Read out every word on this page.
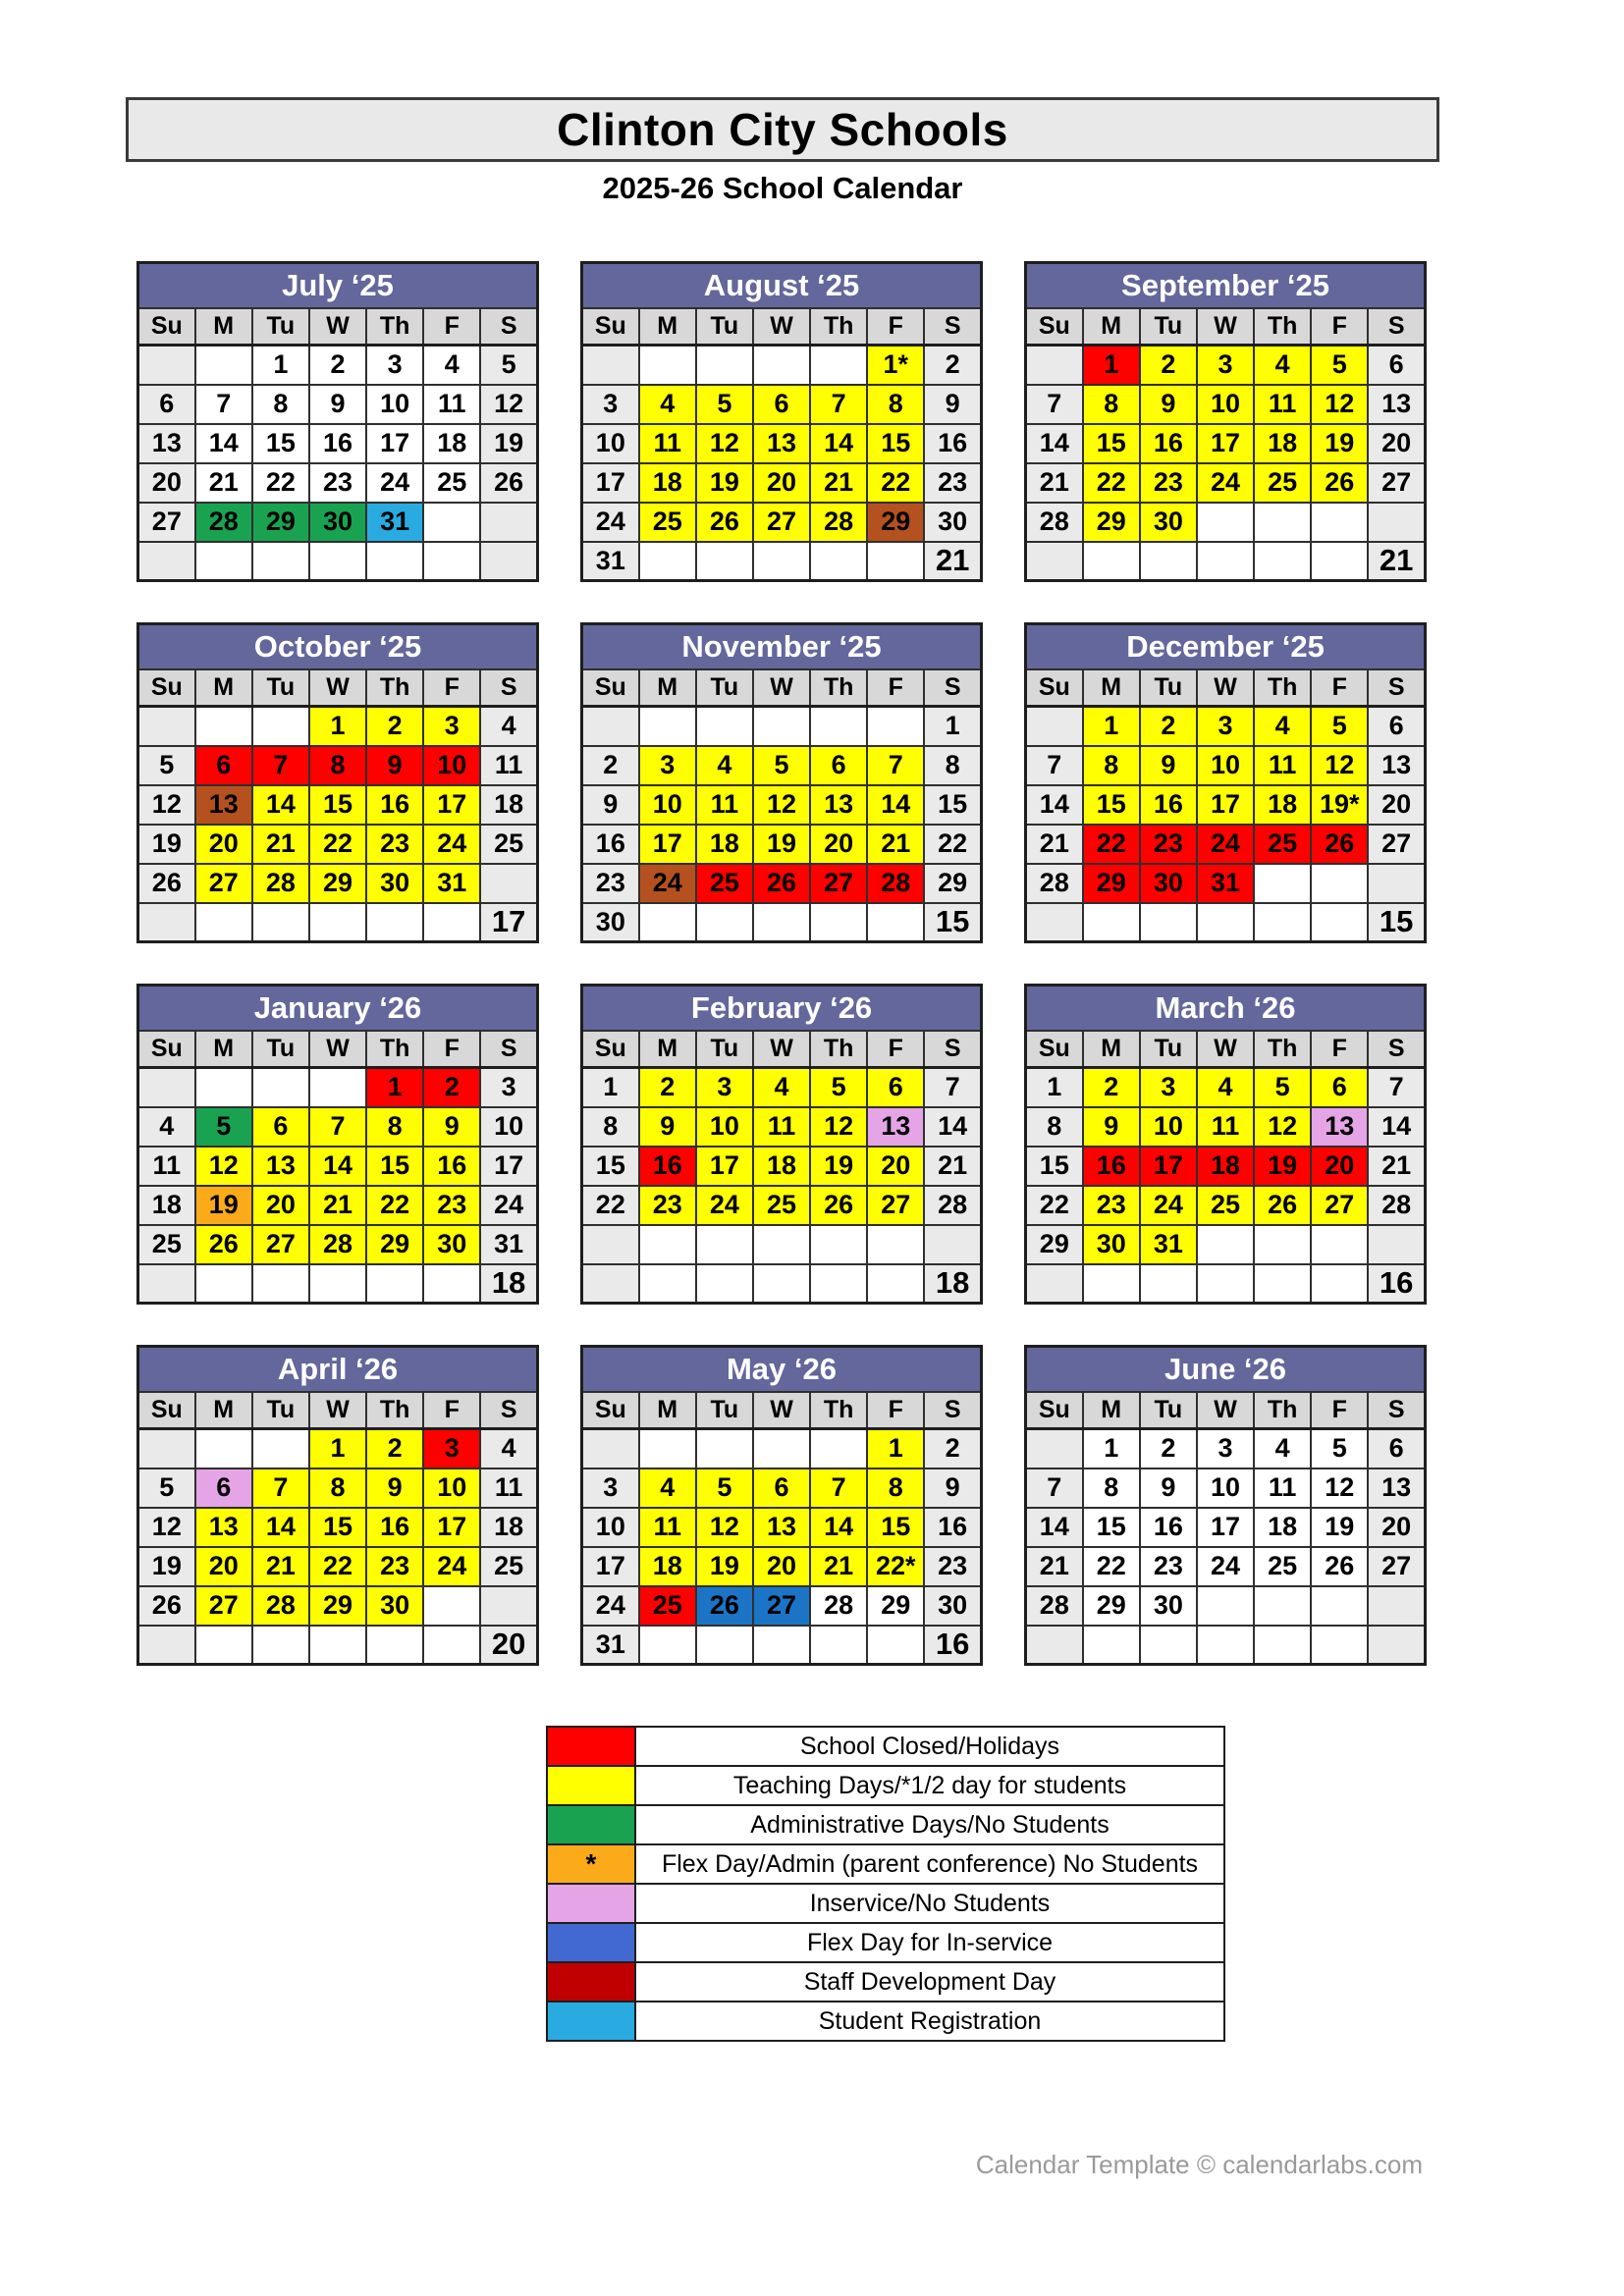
Clinton City Schools
2025-26 School Calendar
July ‘25						
Su	M	Tu	W	Th	F	S
		1	2	3	4	5
6	7	8	9	10	11	12
13	14	15	16	17	18	19
20	21	22	23	24	25	26
27	28	29	30	31		

August ‘25						
Su	M	Tu	W	Th	F	S
					1*	2
3	4	5	6	7	8	9
10	11	12	13	14	15	16
17	18	19	20	21	22	23
24	25	26	27	28	29	30
31						21
September ‘25						
Su	M	Tu	W	Th	F	S
	1	2	3	4	5	6
7	8	9	10	11	12	13
14	15	16	17	18	19	20
21	22	23	24	25	26	27
28	29	30				
						21
October ‘25						
Su	M	Tu	W	Th	F	S
			1	2	3	4
5	6	7	8	9	10	11
12	13	14	15	16	17	18
19	20	21	22	23	24	25
26	27	28	29	30	31	
						17
November ‘25						
Su	M	Tu	W	Th	F	S
						1
2	3	4	5	6	7	8
9	10	11	12	13	14	15
16	17	18	19	20	21	22
23	24	25	26	27	28	29
30						15
December ‘25						
Su	M	Tu	W	Th	F	S
	1	2	3	4	5	6
7	8	9	10	11	12	13
14	15	16	17	18	19*	20
21	22	23	24	25	26	27
28	29	30	31			
						15
January ‘26						
Su	M	Tu	W	Th	F	S
				1	2	3
4	5	6	7	8	9	10
11	12	13	14	15	16	17
18	19	20	21	22	23	24
25	26	27	28	29	30	31
						18
February ‘26						
Su	M	Tu	W	Th	F	S
1	2	3	4	5	6	7
8	9	10	11	12	13	14
15	16	17	18	19	20	21
22	23	24	25	26	27	28

						18
March ‘26						
Su	M	Tu	W	Th	F	S
1	2	3	4	5	6	7
8	9	10	11	12	13	14
15	16	17	18	19	20	21
22	23	24	25	26	27	28
29	30	31				
						16
April ‘26						
Su	M	Tu	W	Th	F	S
			1	2	3	4
5	6	7	8	9	10	11
12	13	14	15	16	17	18
19	20	21	22	23	24	25
26	27	28	29	30		
						20
May ‘26						
Su	M	Tu	W	Th	F	S
					1	2
3	4	5	6	7	8	9
10	11	12	13	14	15	16
17	18	19	20	21	22*	23
24	25	26	27	28	29	30
31						16
June ‘26						
Su	M	Tu	W	Th	F	S
	1	2	3	4	5	6
7	8	9	10	11	12	13
14	15	16	17	18	19	20
21	22	23	24	25	26	27
28	29	30				

	School Closed/Holidays
	Teaching Days/*1/2 day for students
	Administrative Days/No Students
*	Flex Day/Admin (parent conference) No Students
	Inservice/No Students
	Flex Day for In-service
	Staff Development Day
	Student Registration
Calendar Template © calendarlabs.com
